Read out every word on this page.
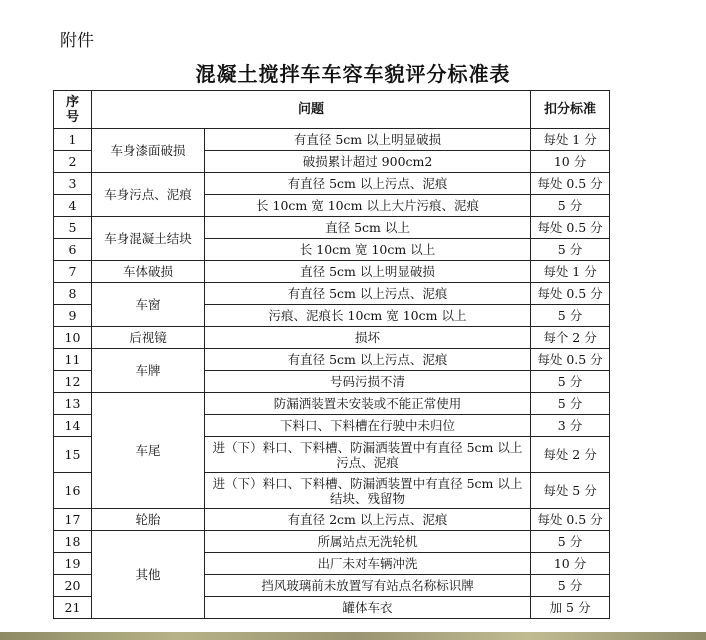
附件
混凝土搅拌车车容车貌评分标准表
序
号	问题		扣分标准
1	车身漆面破损	有直径 5cm 以上明显破损	每处 1 分
2		破损累计超过 900cm2	10 分
3	车身污点、泥痕	有直径 5cm 以上污点、泥痕	每处 0.5 分
4		长 10cm 宽 10cm 以上大片污痕、泥痕	5 分
5	车身混凝土结块	直径 5cm 以上	每处 0.5 分
6		长 10cm 宽 10cm 以上	5 分
7	车体破损	直径 5cm 以上明显破损	每处 1 分
8	车窗	有直径 5cm 以上污点、泥痕	每处 0.5 分
9		污痕、泥痕长 10cm 宽 10cm 以上	5 分
10	后视镜	损坏	每个 2 分
11	车牌	有直径 5cm 以上污点、泥痕	每处 0.5 分
12		号码污损不清	5 分
13	车尾	防漏洒装置未安装或不能正常使用	5 分
14		下料口、下料槽在行驶中未归位	3 分
15		进（下）料口、下料槽、防漏洒装置中有直径 5cm 以上污点、泥痕	每处 2 分
16		进（下）料口、下料槽、防漏洒装置中有直径 5cm 以上结块、残留物	每处 5 分
17	轮胎	有直径 2cm 以上污点、泥痕	每处 0.5 分
18	其他	所属站点无洗轮机	5 分
19		出厂未对车辆冲洗	10 分
20		挡风玻璃前未放置写有站点名称标识牌	5 分
21		罐体车衣	加 5 分
